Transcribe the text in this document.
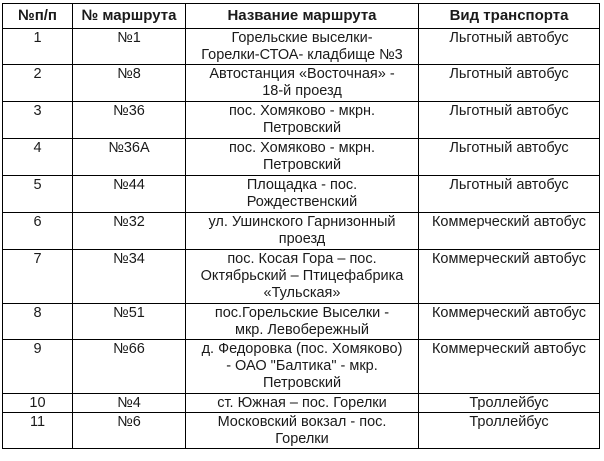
№п/п	№ маршрута	Название маршрута	Вид транспорта
1	№1	Горельские выселки-
Горелки-СТОА- кладбище №3	Льготный автобус
2	№8	Автостанция «Восточная» -
18-й проезд	Льготный автобус
3	№36	пос. Хомяково - мкрн.
Петровский	Льготный автобус
4	№36А	пос. Хомяково - мкрн.
Петровский	Льготный автобус
5	№44	Площадка - пос.
Рождественский	Льготный автобус
6	№32	ул. Ушинского Гарнизонный
проезд	Коммерческий автобус
7	№34	пос. Косая Гора – пос.
Октябрьский – Птицефабрика
«Тульская»	Коммерческий автобус
8	№51	пос.Горельские Выселки -
мкр. Левобережный	Коммерческий автобус
9	№66	д. Федоровка (пос. Хомяково)
- ОАО "Балтика" - мкр.
Петровский	Коммерческий автобус
10	№4	ст. Южная – пос. Горелки	Троллейбус
11	№6	Московский вокзал - пос.
Горелки	Троллейбус
